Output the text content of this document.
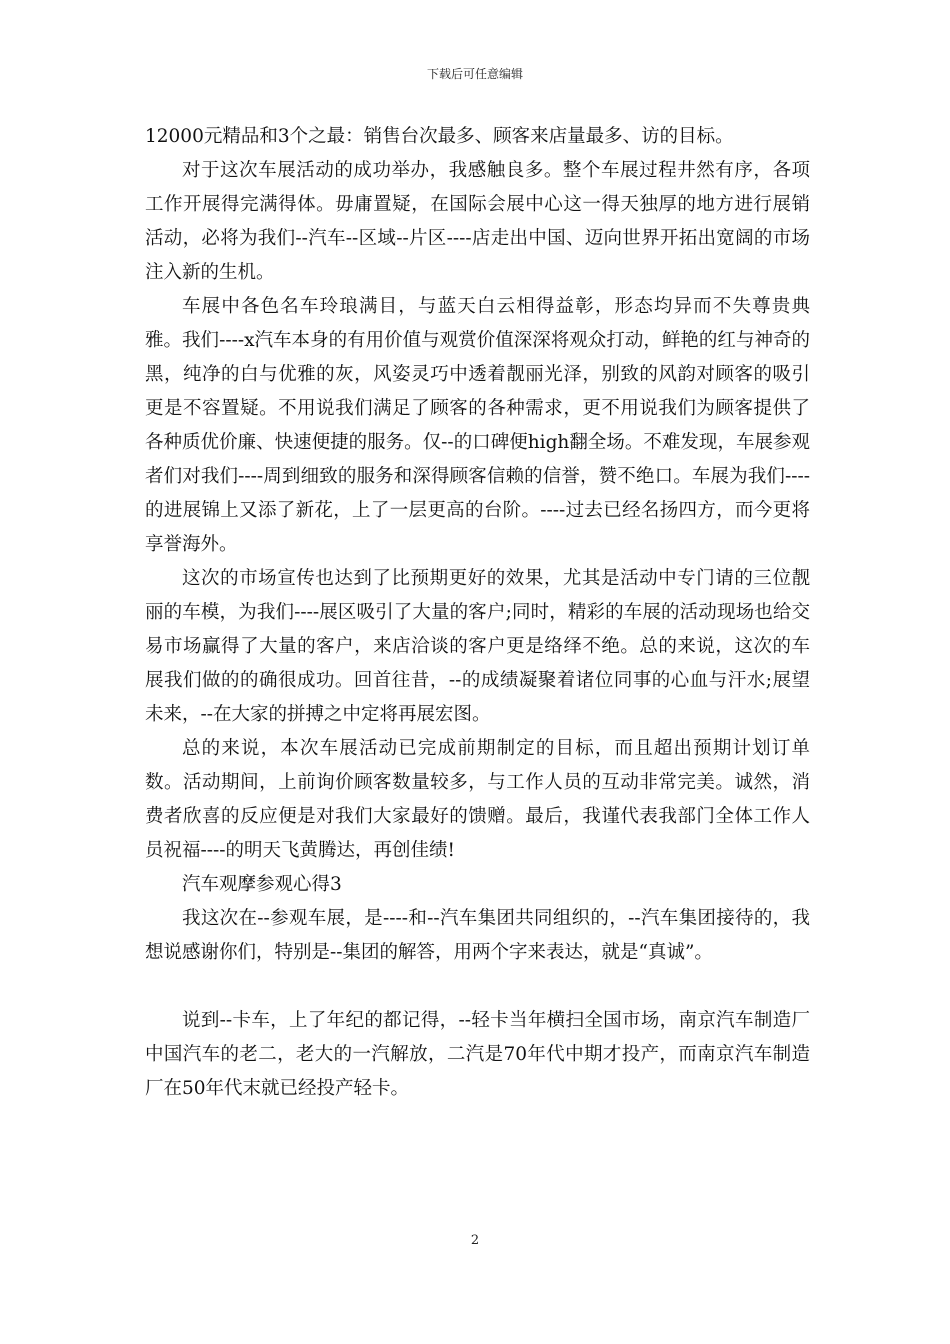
下载后可任意编辑

12000元精品和3个之最：销售台次最多、顾客来店量最多、访的目标。

对于这次车展活动的成功举办，我感触良多。整个车展过程井然有序，各项工作开展得完满得体。毋庸置疑，在国际会展中心这一得天独厚的地方进行展销活动，必将为我们--汽车--区域--片区----店走出中国、迈向世界开拓出宽阔的市场注入新的生机。

车展中各色名车玲琅满目，与蓝天白云相得益彰，形态均异而不失尊贵典雅。我们----x汽车本身的有用价值与观赏价值深深将观众打动，鲜艳的红与神奇的黑，纯净的白与优雅的灰，风姿灵巧中透着靓丽光泽，别致的风韵对顾客的吸引更是不容置疑。不用说我们满足了顾客的各种需求，更不用说我们为顾客提供了各种质优价廉、快速便捷的服务。仅--的口碑便high翻全场。不难发现，车展参观者们对我们----周到细致的服务和深得顾客信赖的信誉，赞不绝口。车展为我们----的进展锦上又添了新花，上了一层更高的台阶。----过去已经名扬四方，而今更将享誉海外。

这次的市场宣传也达到了比预期更好的效果，尤其是活动中专门请的三位靓丽的车模，为我们----展区吸引了大量的客户;同时，精彩的车展的活动现场也给交易市场赢得了大量的客户，来店洽谈的客户更是络绎不绝。总的来说，这次的车展我们做的的确很成功。回首往昔，--的成绩凝聚着诸位同事的心血与汗水;展望未来，--在大家的拼搏之中定将再展宏图。

总的来说，本次车展活动已完成前期制定的目标，而且超出预期计划订单数。活动期间，上前询价顾客数量较多，与工作人员的互动非常完美。诚然，消费者欣喜的反应便是对我们大家最好的馈赠。最后，我谨代表我部门全体工作人员祝福----的明天飞黄腾达，再创佳绩!

汽车观摩参观心得3

我这次在--参观车展，是----和--汽车集团共同组织的，--汽车集团接待的，我想说感谢你们，特别是--集团的解答，用两个字来表达，就是“真诚”。

说到--卡车，上了年纪的都记得，--轻卡当年横扫全国市场，南京汽车制造厂中国汽车的老二，老大的一汽解放，二汽是70年代中期才投产，而南京汽车制造厂在50年代末就已经投产轻卡。

2
